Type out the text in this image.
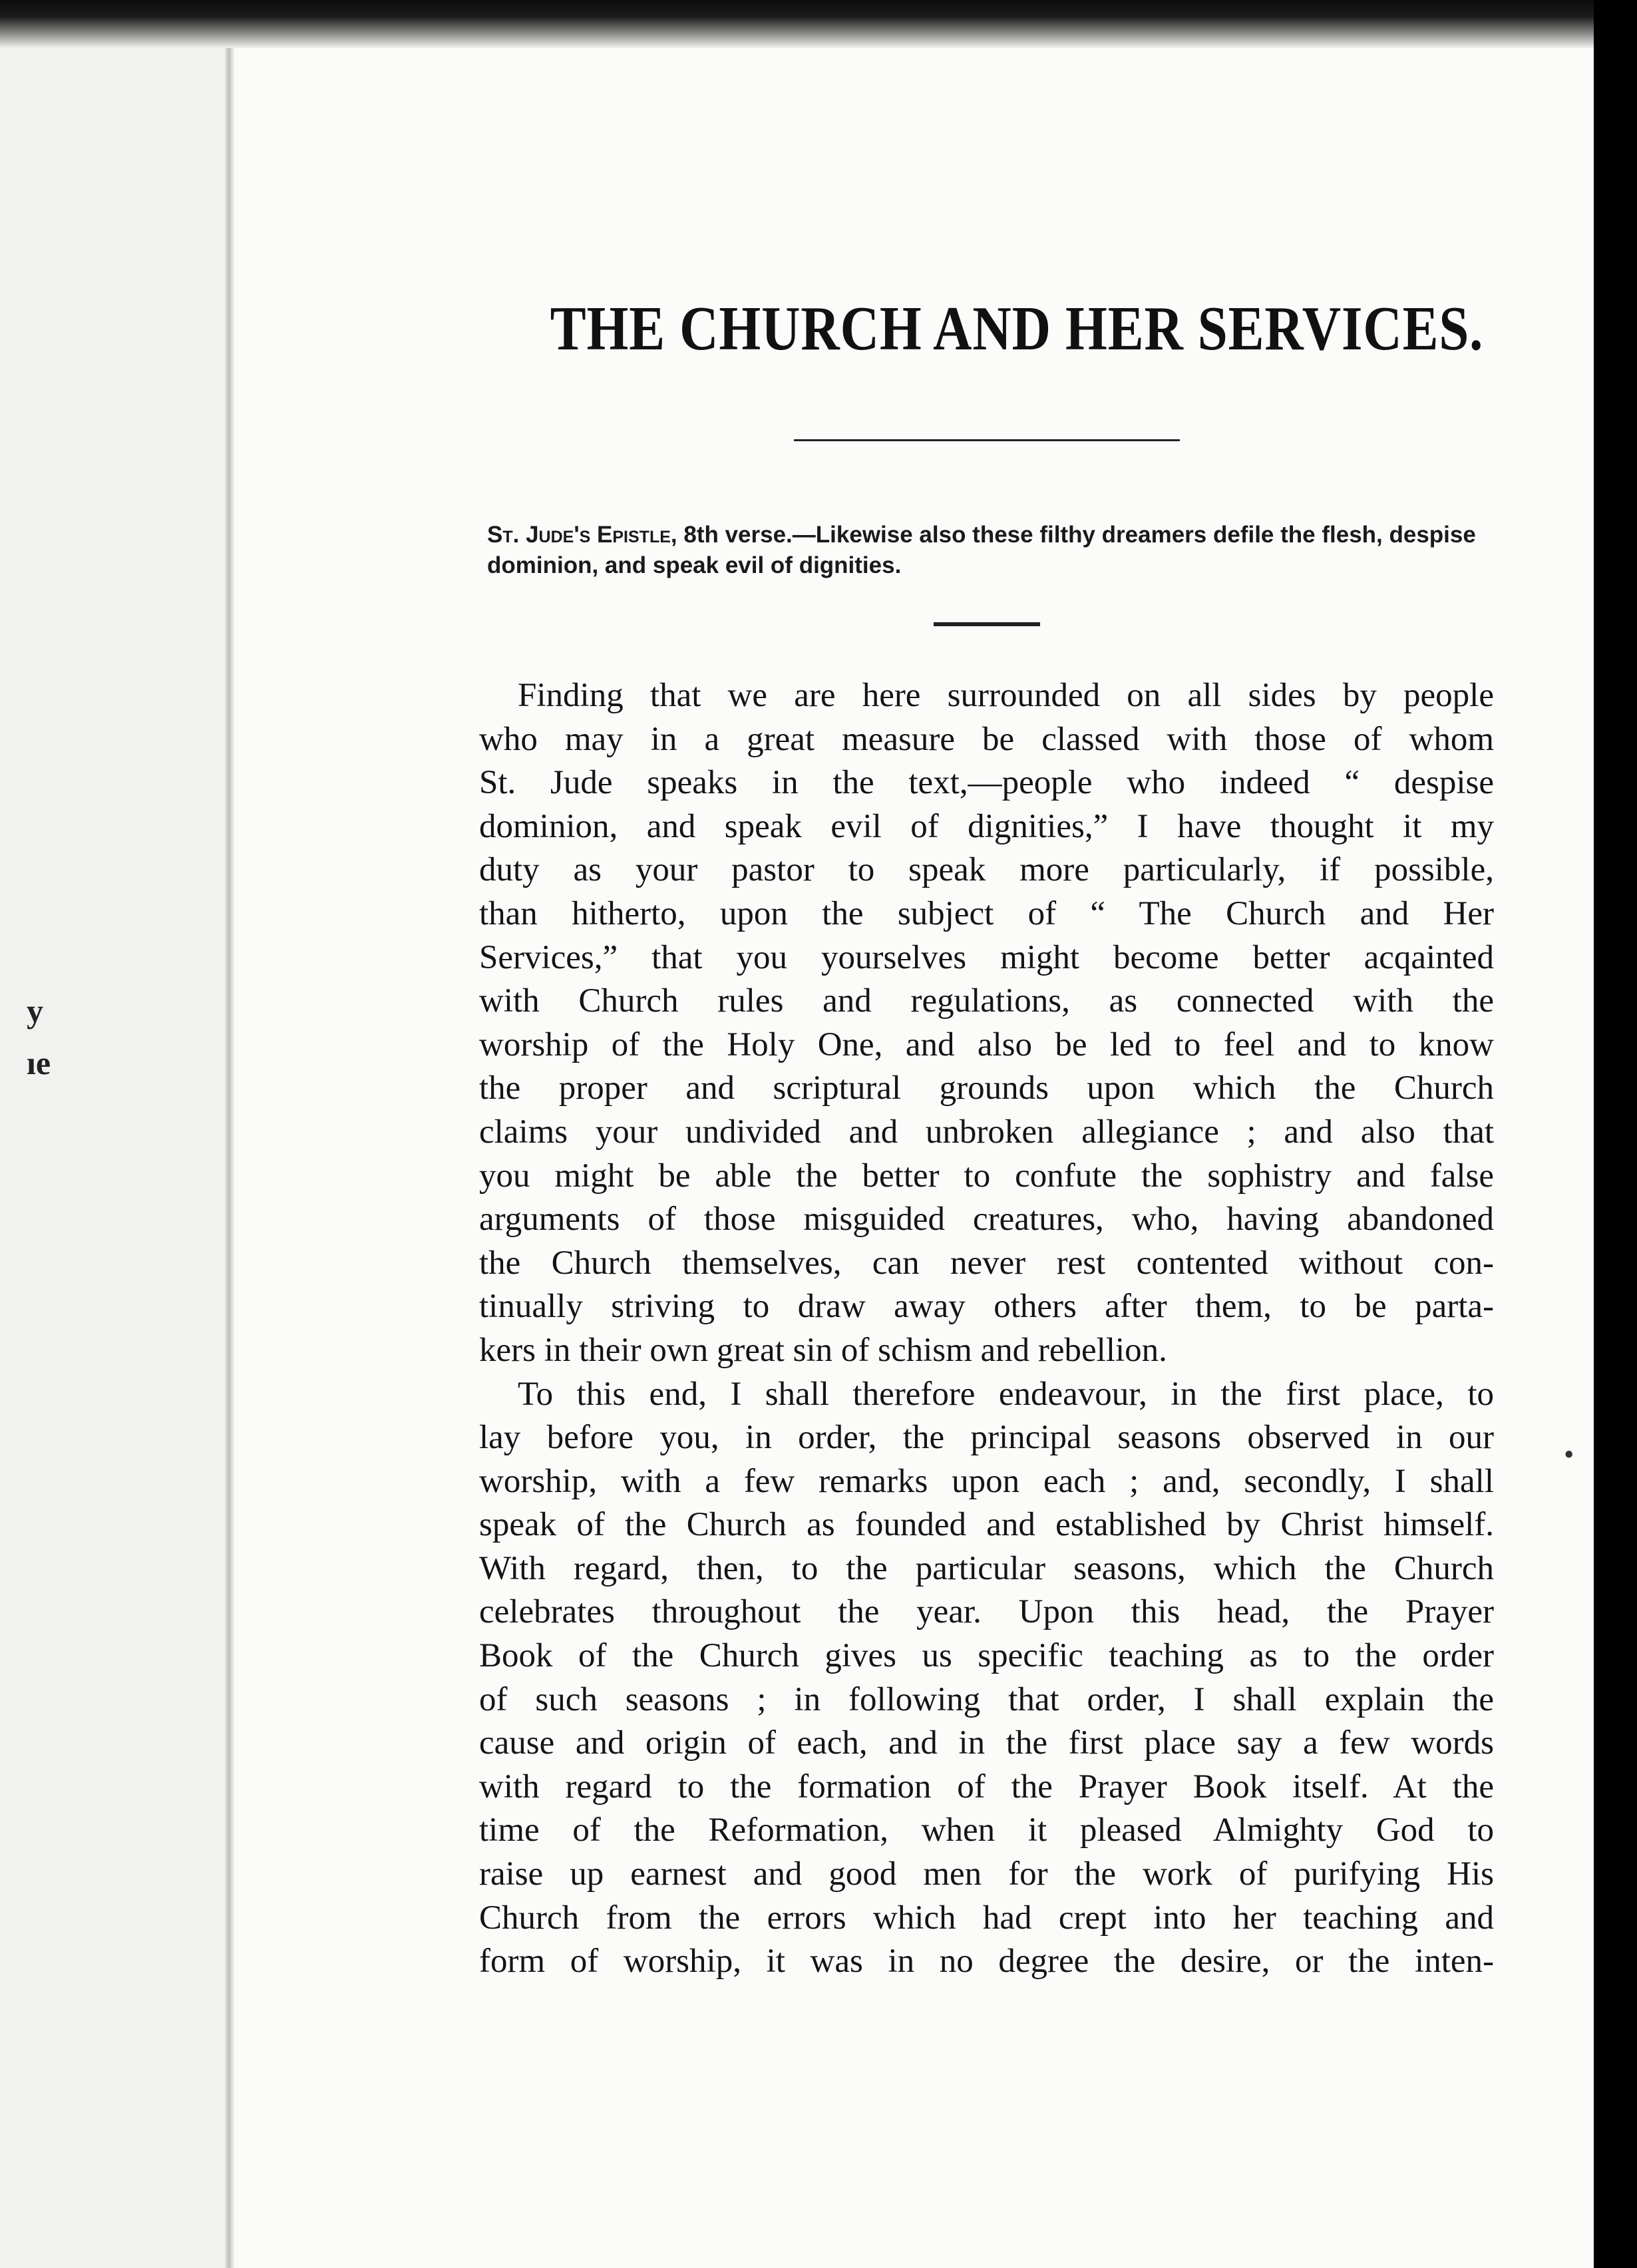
y
ıe
•
THE CHURCH AND HER SERVICES.

St. Jude's Epistle, 8th verse.—Likewise also these filthy dreamers defile the flesh, despise dominion, and speak evil of dignities.

Finding that we are here surrounded on all sides by people
who may in a great measure be classed with those of whom
St. Jude speaks in the text,—people who indeed “ despise
dominion, and speak evil of dignities,” I have thought it my
duty as your pastor to speak more particularly, if possible,
than hitherto, upon the subject of “ The Church and Her
Services,” that you yourselves might become better acqainted
with Church rules and regulations, as connected with the
worship of the Holy One, and also be led to feel and to know
the proper and scriptural grounds upon which the Church
claims your undivided and unbroken allegiance ; and also that
you might be able the better to confute the sophistry and false
arguments of those misguided creatures, who, having abandoned
the Church themselves, can never rest contented without con-
tinually striving to draw away others after them, to be parta-
kers in their own great sin of schism and rebellion.
To this end, I shall therefore endeavour, in the first place, to
lay before you, in order, the principal seasons observed in our
worship, with a few remarks upon each ; and, secondly, I shall
speak of the Church as founded and established by Christ himself.
With regard, then, to the particular seasons, which the Church
celebrates throughout the year. Upon this head, the Prayer
Book of the Church gives us specific teaching as to the order
of such seasons ; in following that order, I shall explain the
cause and origin of each, and in the first place say a few words
with regard to the formation of the Prayer Book itself. At the
time of the Reformation, when it pleased Almighty God to
raise up earnest and good men for the work of purifying His
Church from the errors which had crept into her teaching and
form of worship, it was in no degree the desire, or the inten-
